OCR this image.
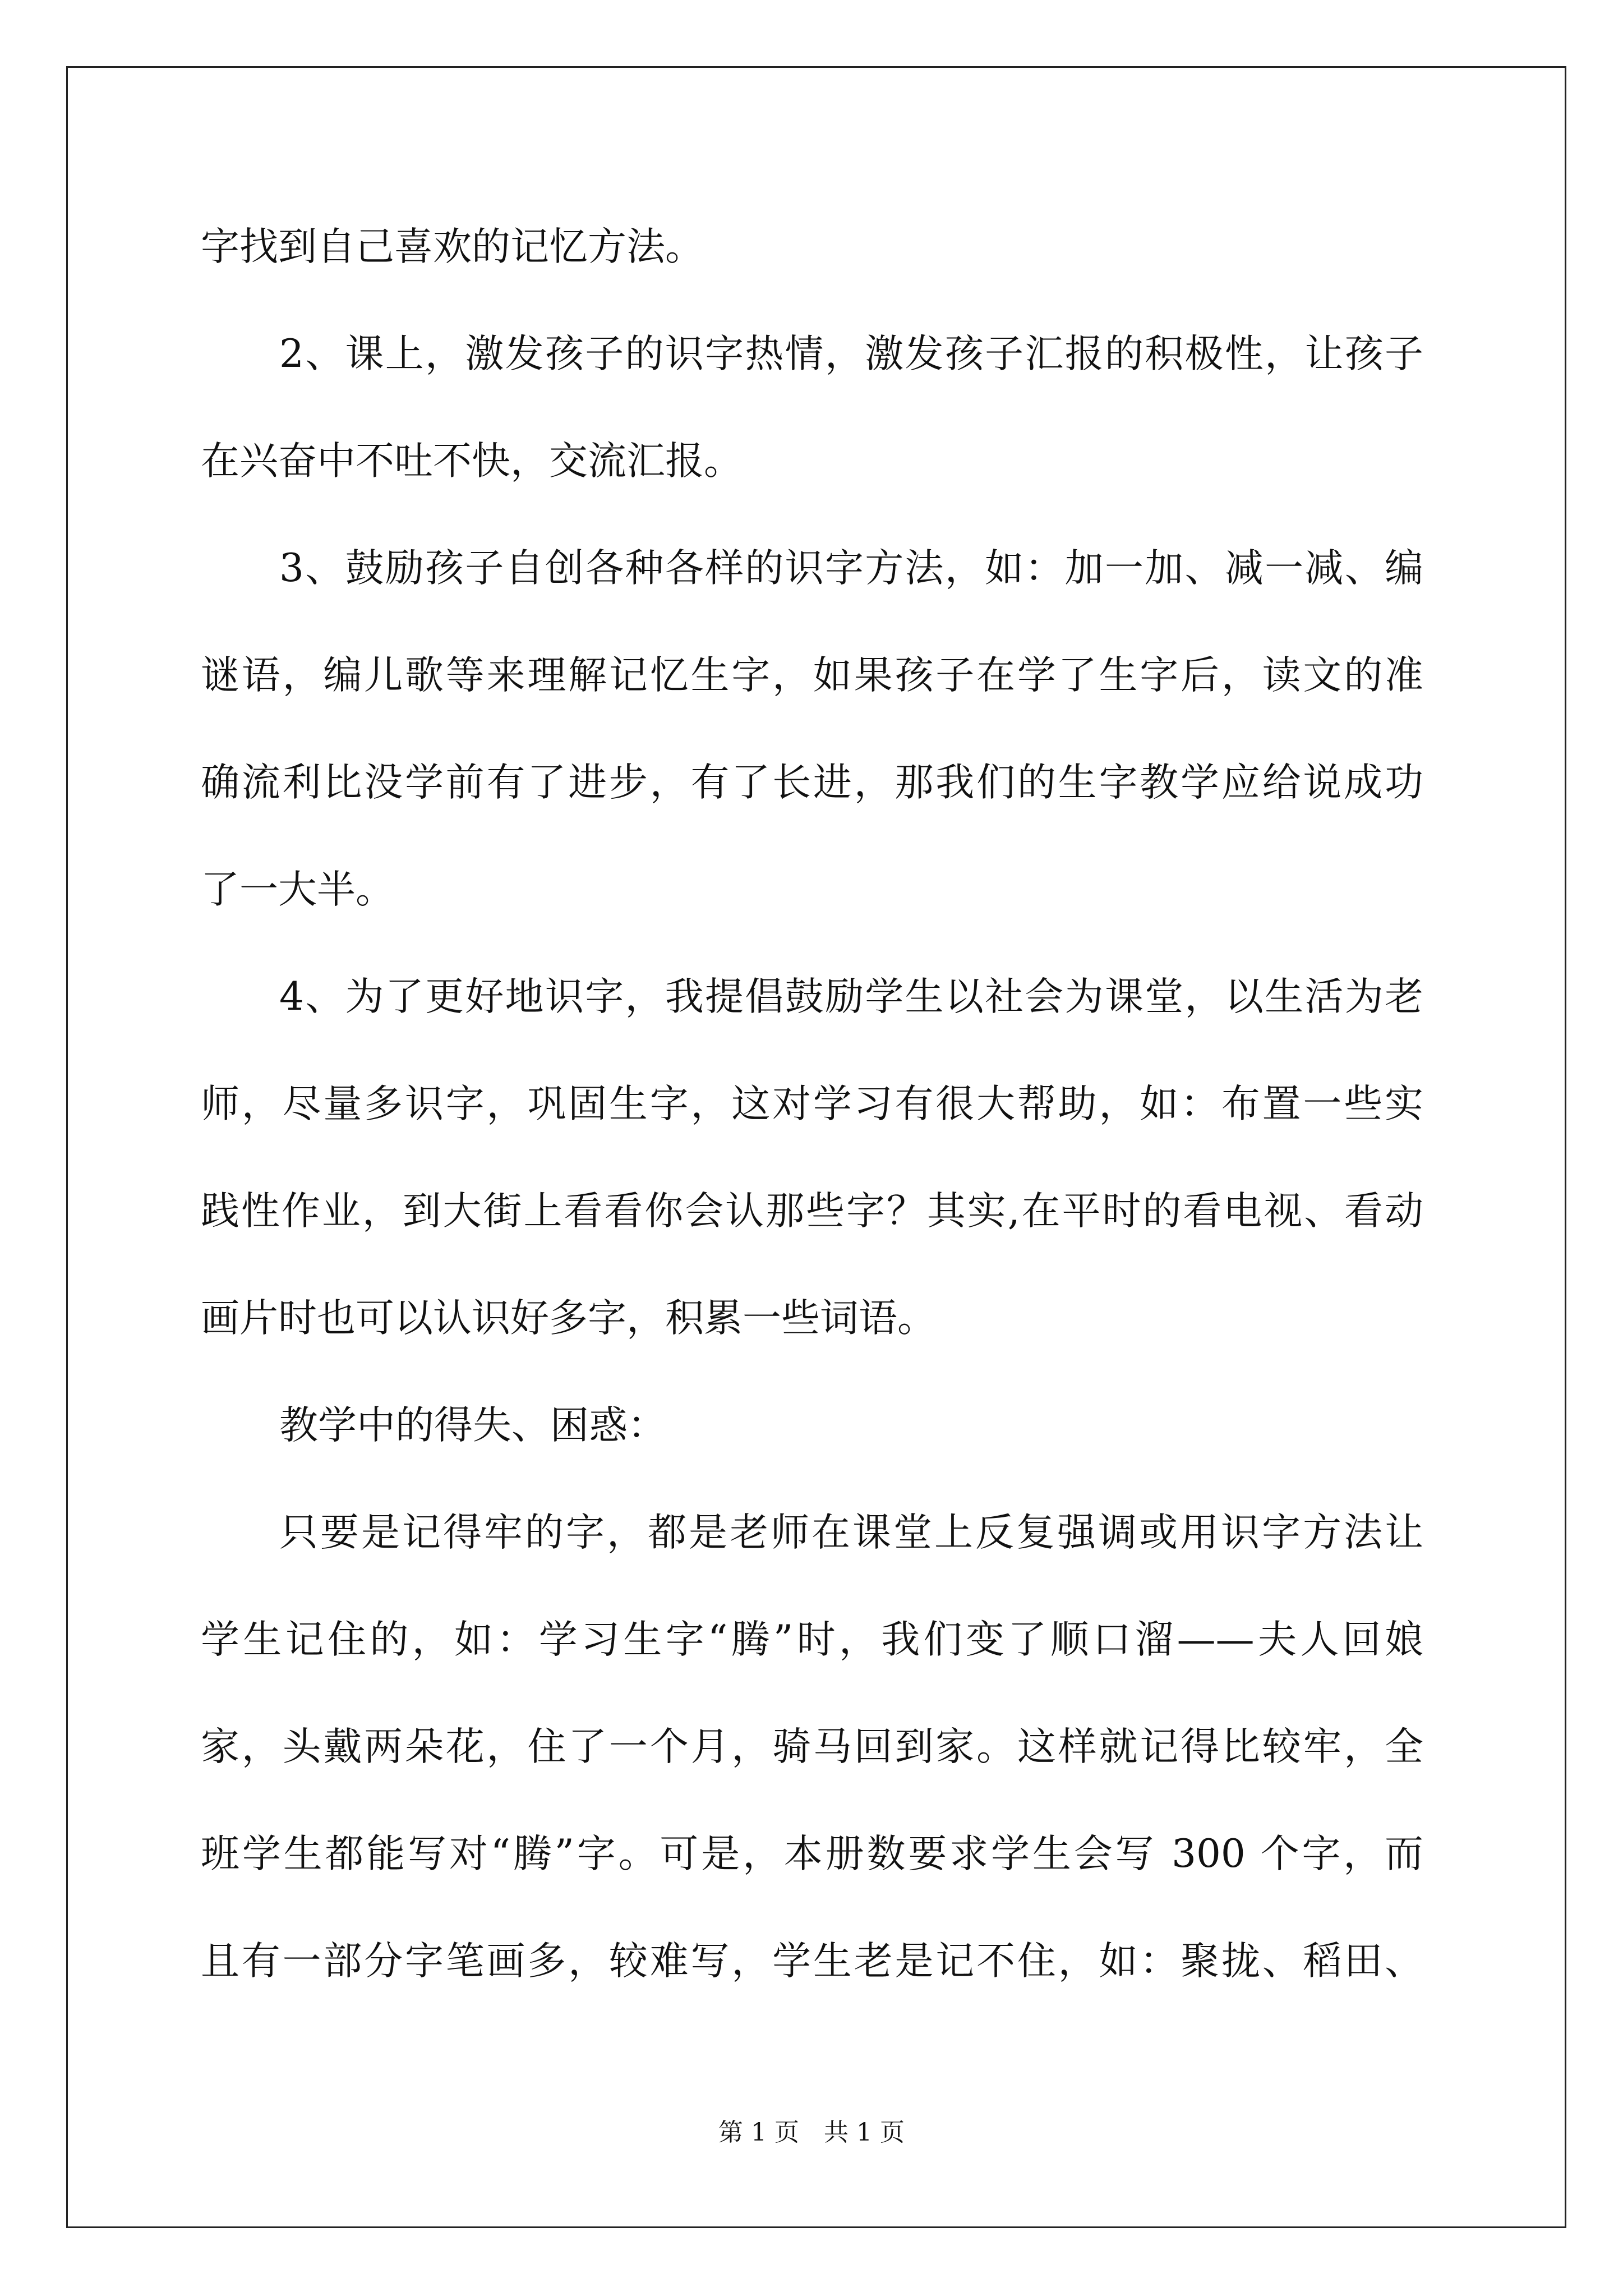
字找到自己喜欢的记忆方法。
2、课上，激发孩子的识字热情，激发孩子汇报的积极性，让孩子
在兴奋中不吐不快，交流汇报。
3、鼓励孩子自创各种各样的识字方法，如：加一加、减一减、编
谜语，编儿歌等来理解记忆生字，如果孩子在学了生字后，读文的准
确流利比没学前有了进步，有了长进，那我们的生字教学应给说成功
了一大半。
4、为了更好地识字，我提倡鼓励学生以社会为课堂，以生活为老
师，尽量多识字，巩固生字，这对学习有很大帮助，如：布置一些实
践性作业，到大街上看看你会认那些字？其实,在平时的看电视、看动
画片时也可以认识好多字，积累一些词语。
教学中的得失、困惑：
只要是记得牢的字，都是老师在课堂上反复强调或用识字方法让
学生记住的，如：学习生字“腾”时，我们变了顺口溜——夫人回娘
家，头戴两朵花，住了一个月，骑马回到家。这样就记得比较牢，全
班学生都能写对“腾”字。可是，本册数要求学生会写 300 个字，而
且有一部分字笔画多，较难写，学生老是记不住，如：聚拢、稻田、
第 1 页　共 1 页
